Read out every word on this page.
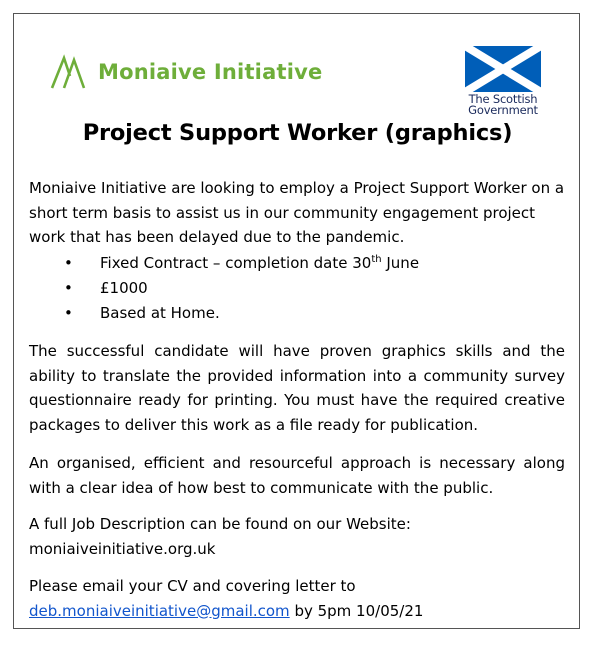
Moniaive Initiative
The Scottish
Government
Project Support Worker (graphics)
Moniaive Initiative are looking to employ a Project Support Worker on a short term basis to assist us in our community engagement project work that has been delayed due to the pandemic.
• Fixed Contract – completion date 30th June
• £1000
• Based at Home.
The successful candidate will have proven graphics skills and the ability to translate the provided information into a community survey questionnaire ready for printing. You must have the required creative packages to deliver this work as a file ready for publication.
An organised, efficient and resourceful approach is necessary along with a clear idea of how best to communicate with the public.
A full Job Description can be found on our Website:
moniaiveinitiative.org.uk
Please email your CV and covering letter to
deb.moniaiveinitiative@gmail.com by 5pm 10/05/21
